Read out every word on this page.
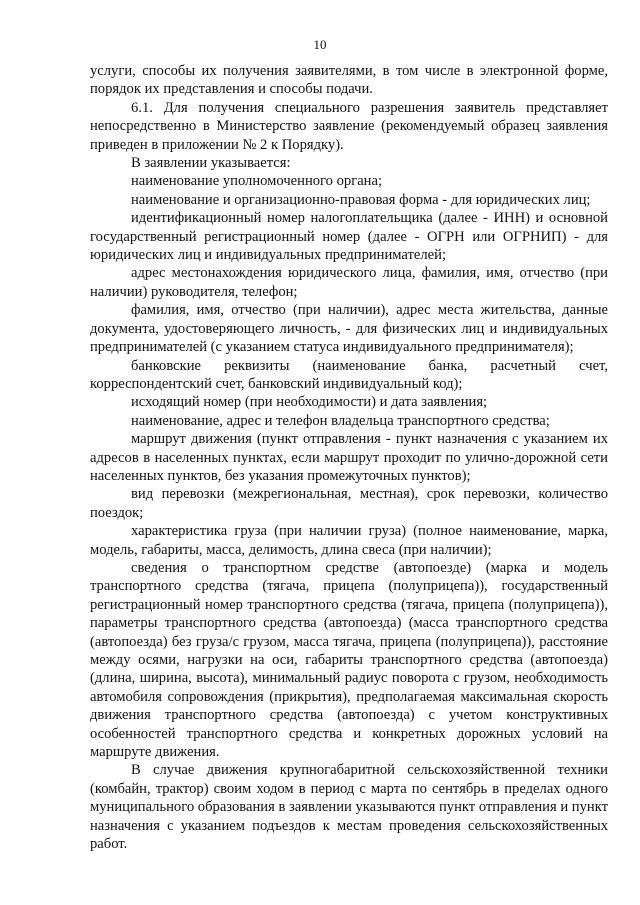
10

услуги, способы их получения заявителями, в том числе в электронной форме, порядок их представления и способы подачи.

6.1. Для получения специального разрешения заявитель представляет непосредственно в Министерство заявление (рекомендуемый образец заявления приведен в приложении № 2 к Порядку).

В заявлении указывается:

наименование уполномоченного органа;

наименование и организационно-правовая форма - для юридических лиц;

идентификационный номер налогоплательщика (далее - ИНН) и основной государственный регистрационный номер (далее - ОГРН или ОГРНИП) - для юридических лиц и индивидуальных предпринимателей;

адрес местонахождения юридического лица, фамилия, имя, отчество (при наличии) руководителя, телефон;

фамилия, имя, отчество (при наличии), адрес места жительства, данные документа, удостоверяющего личность, - для физических лиц и индивидуальных предпринимателей (с указанием статуса индивидуального предпринимателя);

банковские реквизиты (наименование банка, расчетный счет, корреспондентский счет, банковский индивидуальный код);

исходящий номер (при необходимости) и дата заявления;

наименование, адрес и телефон владельца транспортного средства;

маршрут движения (пункт отправления - пункт назначения с указанием их адресов в населенных пунктах, если маршрут проходит по улично-дорожной сети населенных пунктов, без указания промежуточных пунктов);

вид перевозки (межрегиональная, местная), срок перевозки, количество поездок;

характеристика груза (при наличии груза) (полное наименование, марка, модель, габариты, масса, делимость, длина свеса (при наличии);

сведения о транспортном средстве (автопоезде) (марка и модель транспортного средства (тягача, прицепа (полуприцепа)), государственный регистрационный номер транспортного средства (тягача, прицепа (полуприцепа)), параметры транспортного средства (автопоезда) (масса транспортного средства (автопоезда) без груза/с грузом, масса тягача, прицепа (полуприцепа)), расстояние между осями, нагрузки на оси, габариты транспортного средства (автопоезда) (длина, ширина, высота), минимальный радиус поворота с грузом, необходимость автомобиля сопровождения (прикрытия), предполагаемая максимальная скорость движения транспортного средства (автопоезда) с учетом конструктивных особенностей транспортного средства и конкретных дорожных условий на маршруте движения.

В случае движения крупногабаритной сельскохозяйственной техники (комбайн, трактор) своим ходом в период с марта по сентябрь в пределах одного муниципального образования в заявлении указываются пункт отправления и пункт назначения с указанием подъездов к местам проведения сельскохозяйственных работ.
